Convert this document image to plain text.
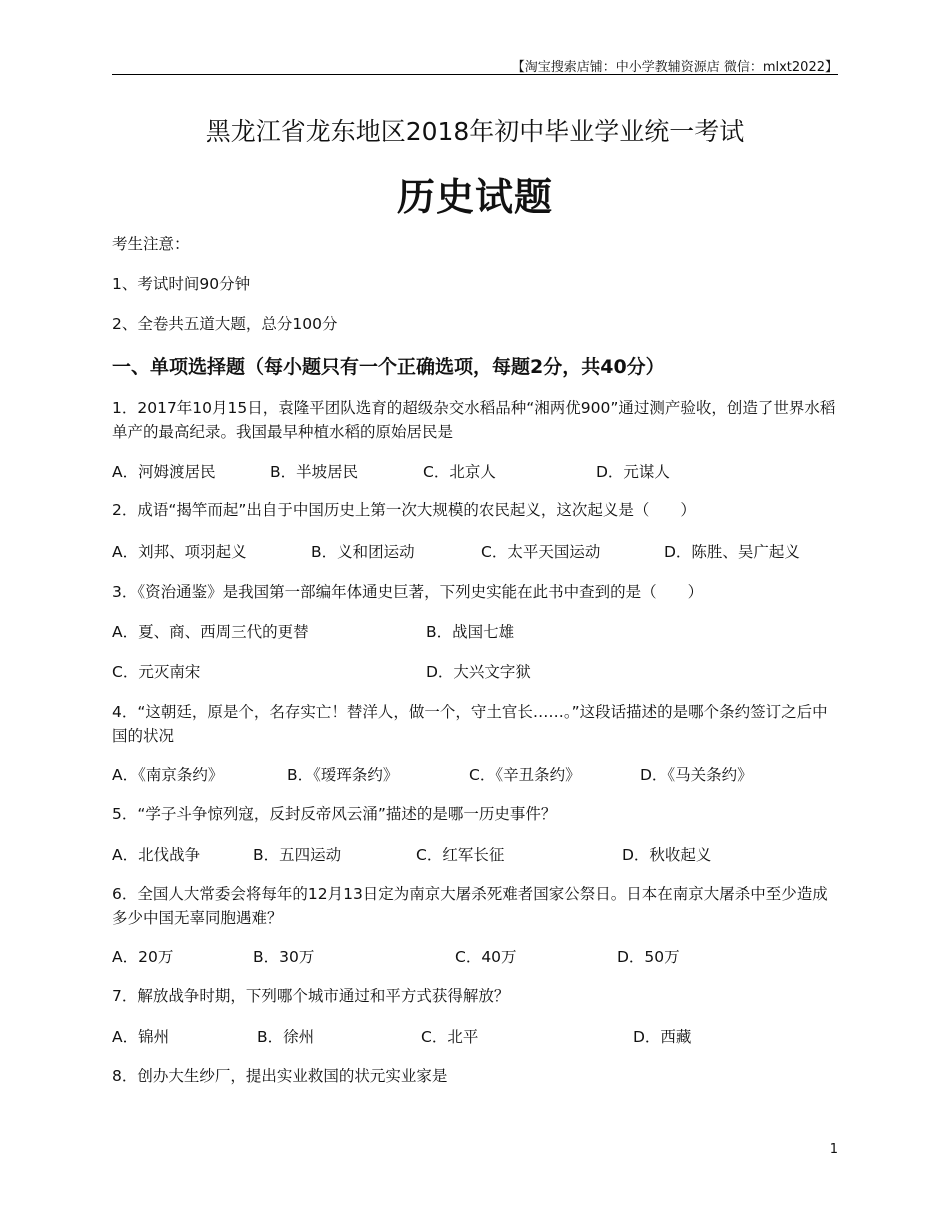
【淘宝搜索店铺：中小学教辅资源店 微信：mlxt2022】
黑龙江省龙东地区2018年初中毕业学业统一考试
历史试题
考生注意：
1、考试时间90分钟
2、全卷共五道大题，总分100分
一、单项选择题（每小题只有一个正确选项，每题2分，共40分）
1．2017年10月15日，袁隆平团队选育的超级杂交水稻品种“湘两优900”通过测产验收，创造了世界水稻单产的最高纪录。我国最早种植水稻的原始居民是
A．河姆渡居民	B．半坡居民	C．北京人	D．元谋人
2．成语“揭竿而起”出自于中国历史上第一次大规模的农民起义，这次起义是（　　）
A．刘邦、项羽起义	B．义和团运动	C．太平天国运动	D．陈胜、吴广起义
3．《资治通鉴》是我国第一部编年体通史巨著，下列史实能在此书中查到的是（　　）
A．夏、商、西周三代的更替	B．战国七雄
C．元灭南宋	D．大兴文字狱
4．“这朝廷，原是个，名存实亡！替洋人，做一个，守土官长……。”这段话描述的是哪个条约签订之后中国的状况
A．《南京条约》	B．《瑷珲条约》	C．《辛丑条约》	D．《马关条约》
5．“学子斗争惊列寇，反封反帝风云涌”描述的是哪一历史事件？
A．北伐战争	B．五四运动	C．红军长征	D．秋收起义
6．全国人大常委会将每年的12月13日定为南京大屠杀死难者国家公祭日。日本在南京大屠杀中至少造成多少中国无辜同胞遇难？
A．20万	B．30万	C．40万	D．50万
7．解放战争时期，下列哪个城市通过和平方式获得解放？
A．锦州	B．徐州	C．北平	D．西藏
8．创办大生纱厂，提出实业救国的状元实业家是
1
